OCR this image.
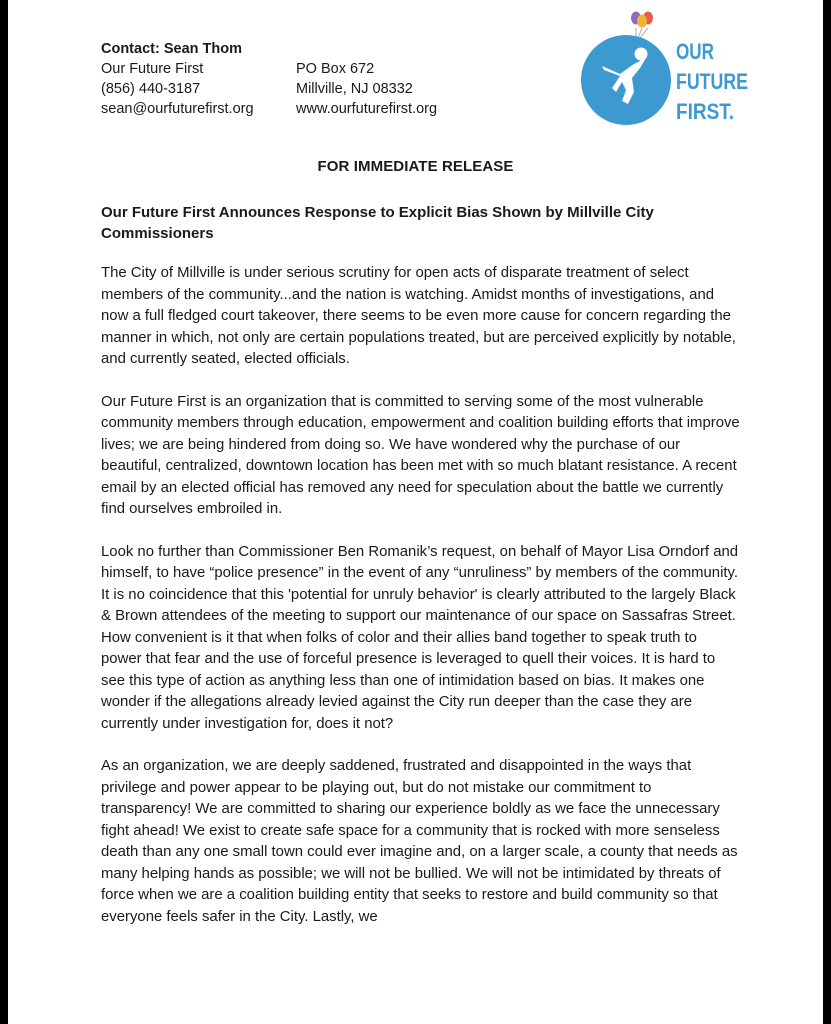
Contact: Sean Thom
Our Future First
(856) 440-3187
sean@ourfuturefirst.org
PO Box 672
Millville, NJ 08332
www.ourfuturefirst.org
OUR
FUTURE
FIRST.
FOR IMMEDIATE RELEASE
Our Future First Announces Response to Explicit Bias Shown by Millville City Commissioners

The City of Millville is under serious scrutiny for open acts of disparate treatment of select members of the community...and the nation is watching. Amidst months of investigations, and now a full fledged court takeover, there seems to be even more cause for concern regarding the manner in which, not only are certain populations treated, but are perceived explicitly by notable, and currently seated, elected officials.

Our Future First is an organization that is committed to serving some of the most vulnerable community members through education, empowerment and coalition building efforts that improve lives; we are being hindered from doing so. We have wondered why the purchase of our beautiful, centralized, downtown location has been met with so much blatant resistance. A recent email by an elected official has removed any need for speculation about the battle we currently find ourselves embroiled in.

Look no further than Commissioner Ben Romanik’s request, on behalf of Mayor Lisa Orndorf and himself, to have “police presence” in the event of any “unruliness” by members of the community. It is no coincidence that this 'potential for unruly behavior' is clearly attributed to the largely Black & Brown attendees of the meeting to support our maintenance of our space on Sassafras Street. How convenient is it that when folks of color and their allies band together to speak truth to power that fear and the use of forceful presence is leveraged to quell their voices. It is hard to see this type of action as anything less than one of intimidation based on bias. It makes one wonder if the allegations already levied against the City run deeper than the case they are currently under investigation for, does it not?

As an organization, we are deeply saddened, frustrated and disappointed in the ways that privilege and power appear to be playing out, but do not mistake our commitment to transparency! We are committed to sharing our experience boldly as we face the unnecessary fight ahead! We exist to create safe space for a community that is rocked with more senseless death than any one small town could ever imagine and, on a larger scale, a county that needs as many helping hands as possible; we will not be bullied. We will not be intimidated by threats of force when we are a coalition building entity that seeks to restore and build community so that everyone feels safer in the City. Lastly, we
